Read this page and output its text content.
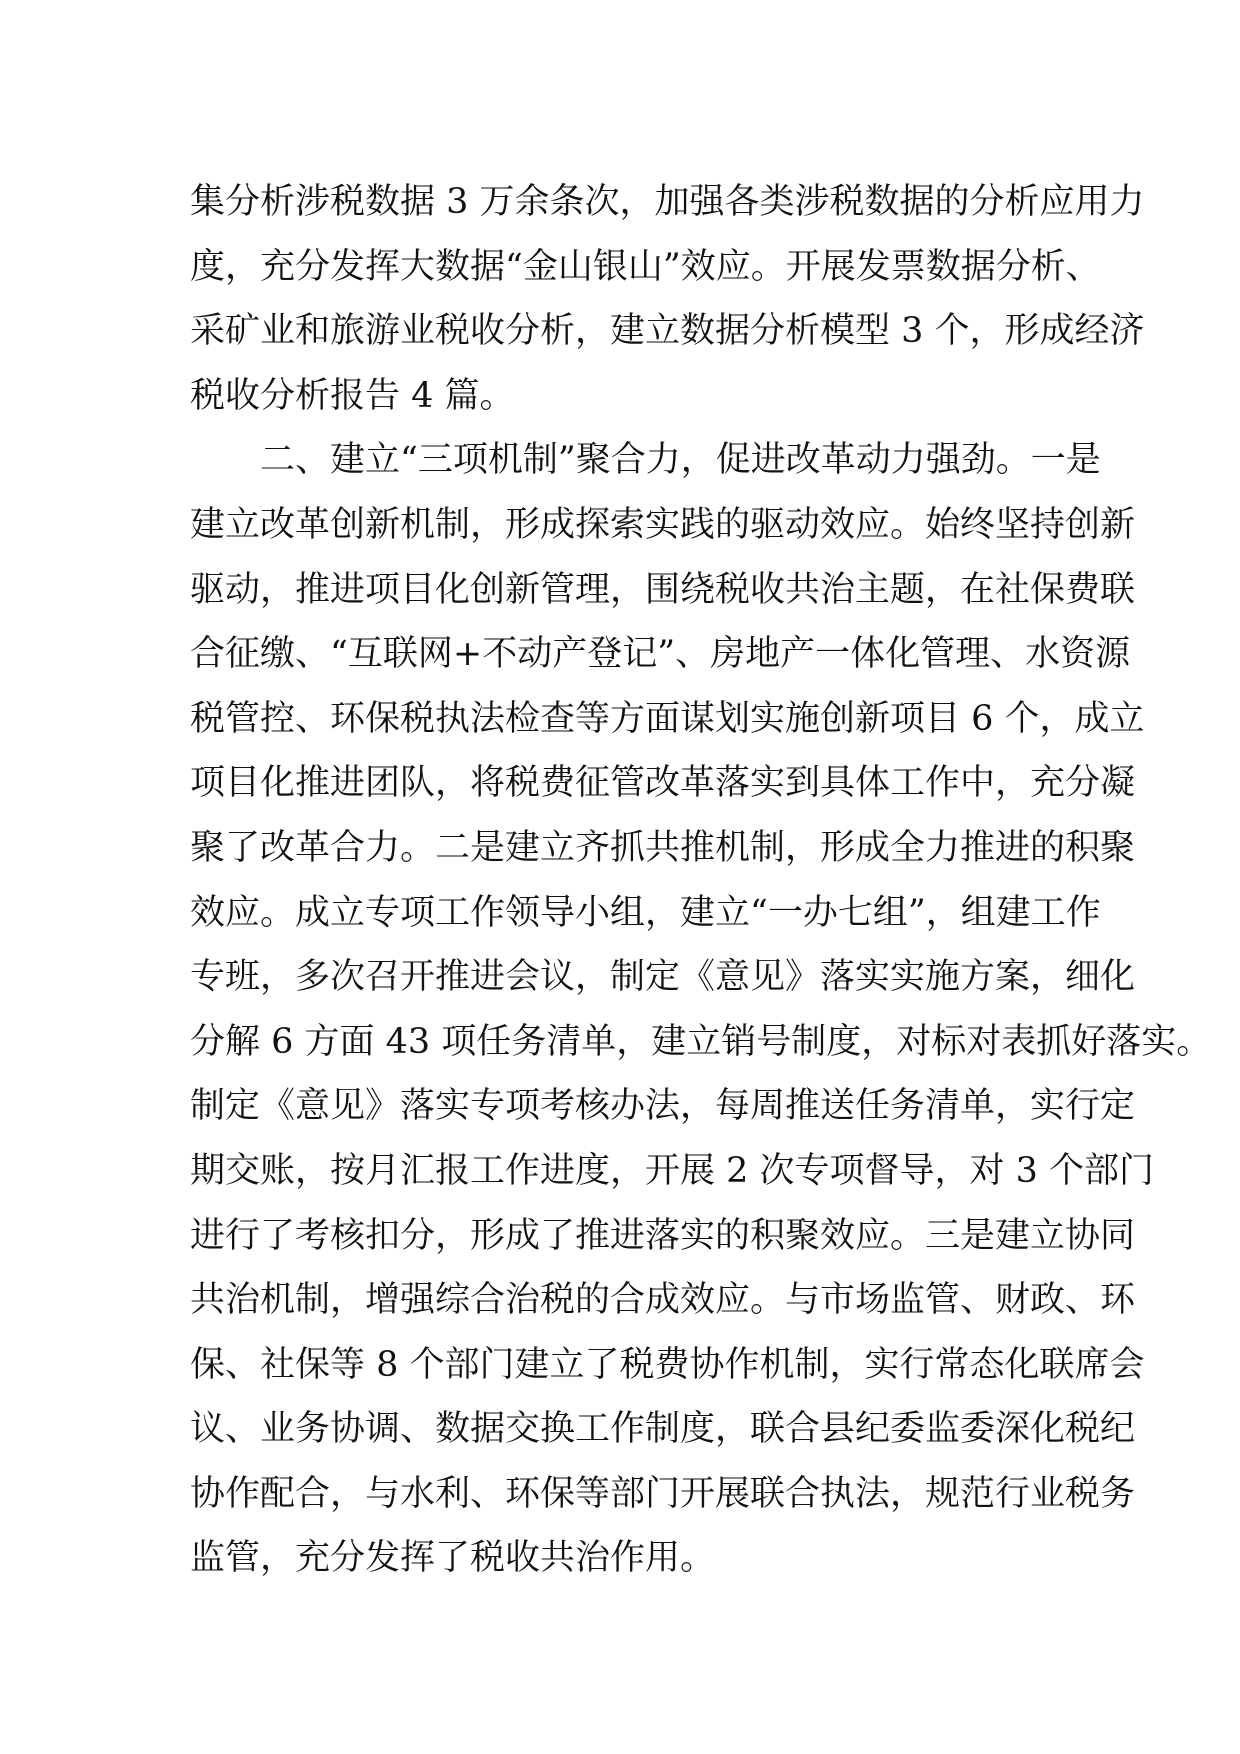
集分析涉税数据 3 万余条次，加强各类涉税数据的分析应用力
度，充分发挥大数据“金山银山”效应。开展发票数据分析、
采矿业和旅游业税收分析，建立数据分析模型 3 个，形成经济
税收分析报告 4 篇。
二、建立“三项机制”聚合力，促进改革动力强劲。一是
建立改革创新机制，形成探索实践的驱动效应。始终坚持创新
驱动，推进项目化创新管理，围绕税收共治主题，在社保费联
合征缴、“互联网+不动产登记”、房地产一体化管理、水资源
税管控、环保税执法检查等方面谋划实施创新项目 6 个，成立
项目化推进团队，将税费征管改革落实到具体工作中，充分凝
聚了改革合力。二是建立齐抓共推机制，形成全力推进的积聚
效应。成立专项工作领导小组，建立“一办七组”，组建工作
专班，多次召开推进会议，制定《意见》落实实施方案，细化
分解 6 方面 43 项任务清单，建立销号制度，对标对表抓好落实。
制定《意见》落实专项考核办法，每周推送任务清单，实行定
期交账，按月汇报工作进度，开展 2 次专项督导，对 3 个部门
进行了考核扣分，形成了推进落实的积聚效应。三是建立协同
共治机制，增强综合治税的合成效应。与市场监管、财政、环
保、社保等 8 个部门建立了税费协作机制，实行常态化联席会
议、业务协调、数据交换工作制度，联合县纪委监委深化税纪
协作配合，与水利、环保等部门开展联合执法，规范行业税务
监管，充分发挥了税收共治作用。
